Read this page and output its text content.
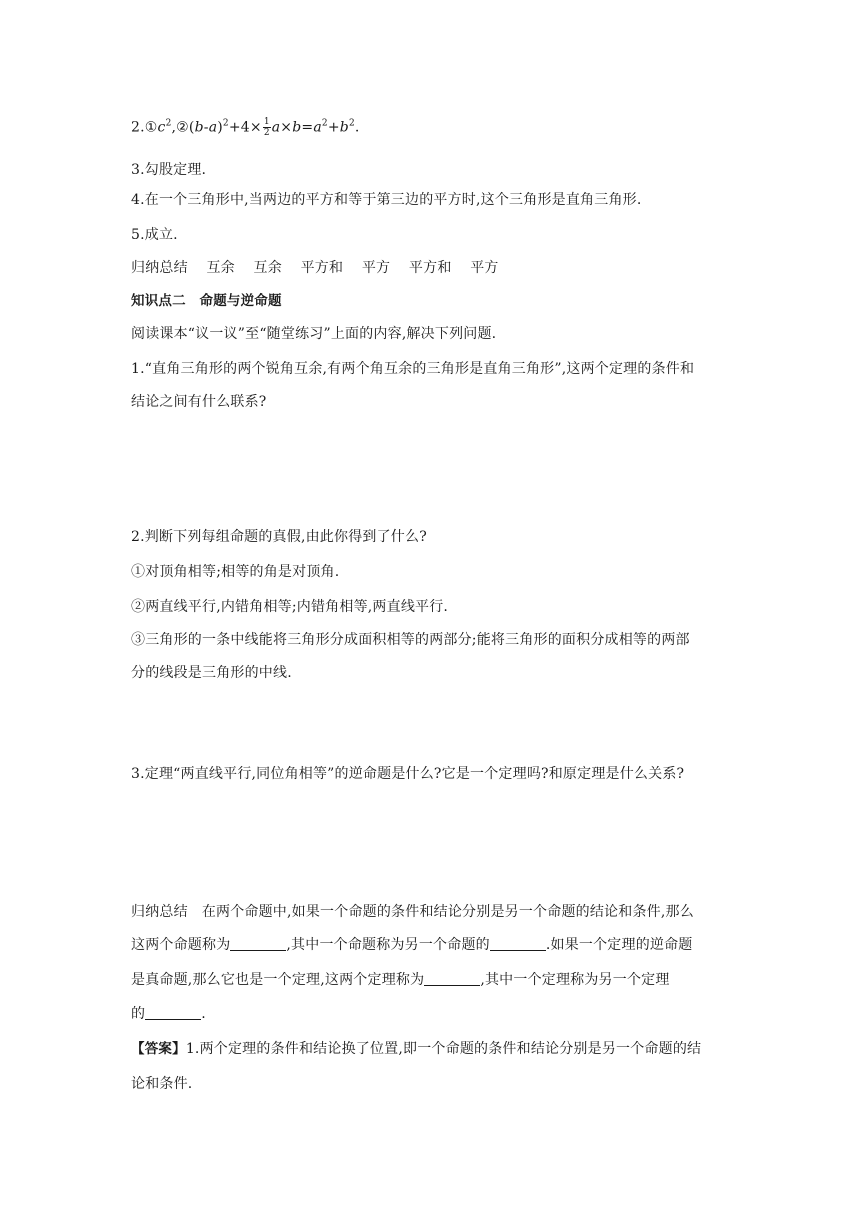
$2.①c^2,②(b-a)^2+4\times \frac{1}{2} a\times b=a^2+b^2$.
3.勾股定理.
4.在一个三角形中,当两边的平方和等于第三边的平方时,这个三角形是直角三角形.
5.成立.
归纳总结 互余 互余 平方和 平方 平方和 平方
知识点二　命题与逆命题
阅读课本“议一议”至“随堂练习”上面的内容,解决下列问题.
1.“直角三角形的两个锐角互余,有两个角互余的三角形是直角三角形”,这两个定理的条件和
结论之间有什么联系?
2.判断下列每组命题的真假,由此你得到了什么?
①对顶角相等;相等的角是对顶角.
②两直线平行,内错角相等;内错角相等,两直线平行.
③三角形的一条中线能将三角形分成面积相等的两部分;能将三角形的面积分成相等的两部
分的线段是三角形的中线.
3.定理“两直线平行,同位角相等”的逆命题是什么?它是一个定理吗?和原定理是什么关系?
归纳总结 在两个命题中,如果一个命题的条件和结论分别是另一个命题的结论和条件,那么
这两个命题称为	,其中一个命题称为另一个命题的	.如果一个定理的逆命题
是真命题,那么它也是一个定理,这两个定理称为	,其中一个定理称为另一个定理
的	.
【答案】1.两个定理的条件和结论换了位置,即一个命题的条件和结论分别是另一个命题的结
论和条件.
